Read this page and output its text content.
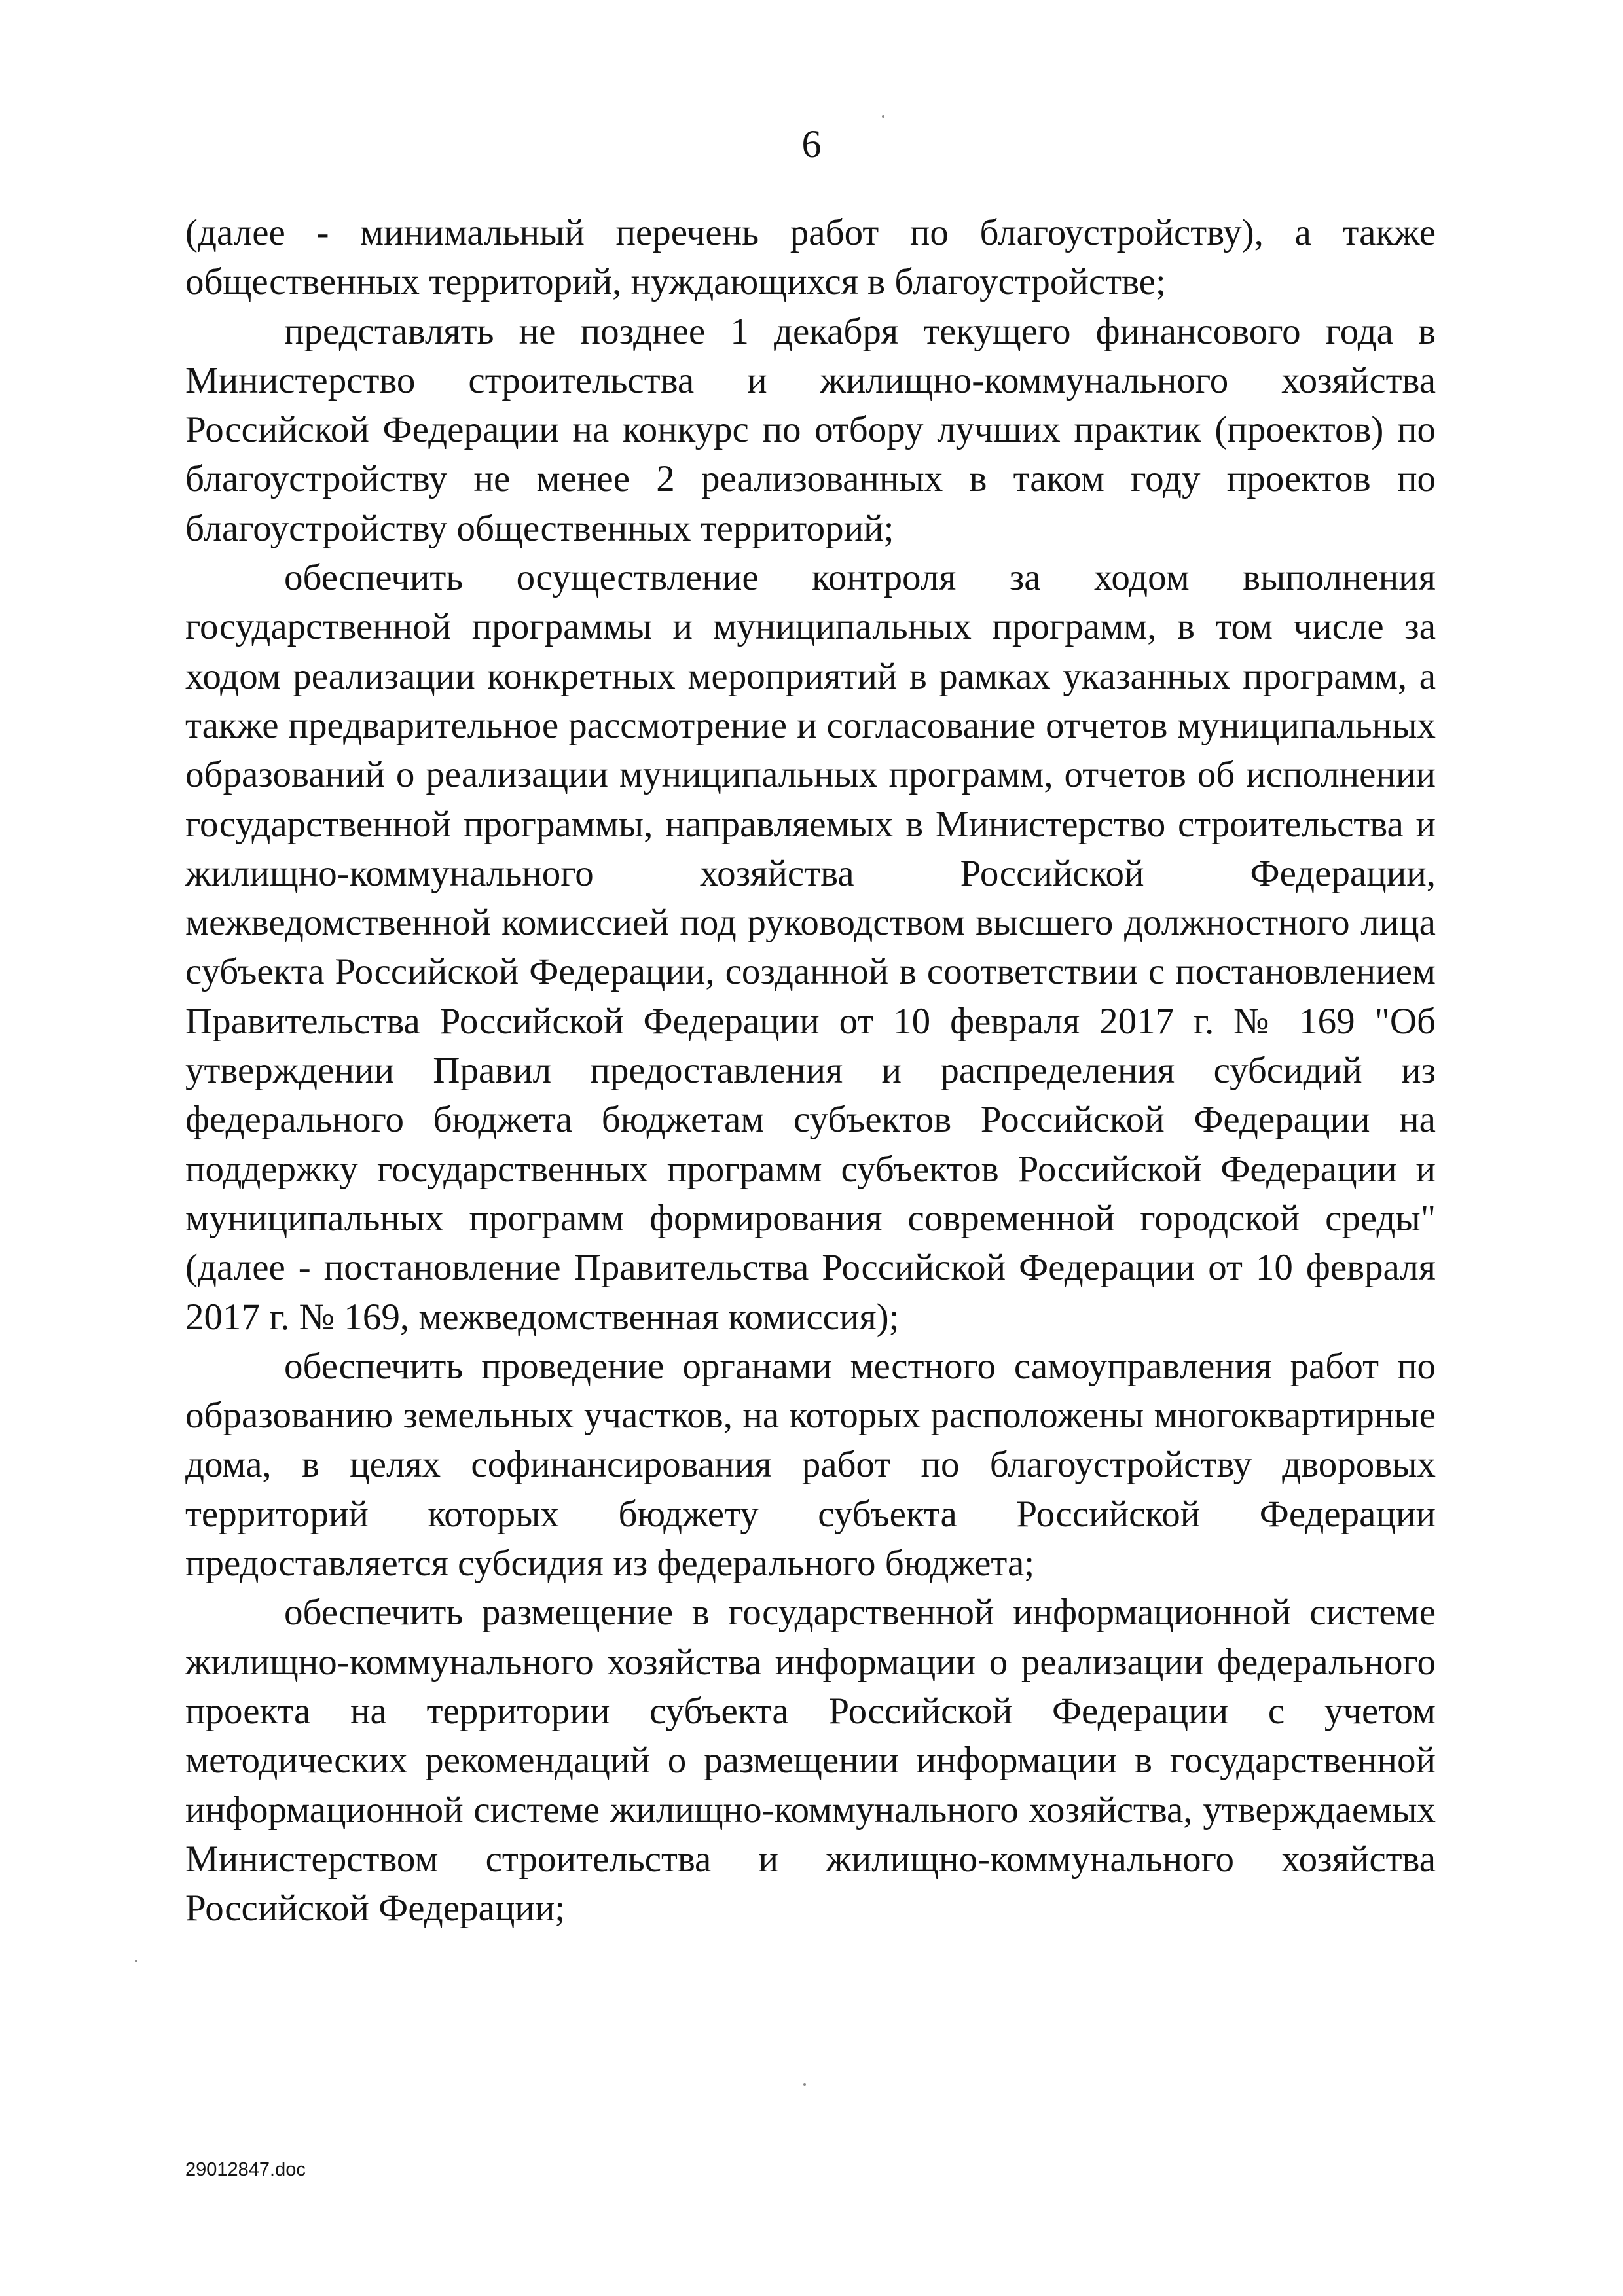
6

(далее - минимальный перечень работ по благоустройству), а также общественных территорий, нуждающихся в благоустройстве;

представлять не позднее 1 декабря текущего финансового года в Министерство строительства и жилищно-коммунального хозяйства Российской Федерации на конкурс по отбору лучших практик (проектов) по благоустройству не менее 2 реализованных в таком году проектов по благоустройству общественных территорий;

обеспечить осуществление контроля за ходом выполнения государственной программы и муниципальных программ, в том числе за ходом реализации конкретных мероприятий в рамках указанных программ, а также предварительное рассмотрение и согласование отчетов муниципальных образований о реализации муниципальных программ, отчетов об исполнении государственной программы, направляемых в Министерство строительства и жилищно-коммунального хозяйства Российской Федерации, межведомственной комиссией под руководством высшего должностного лица субъекта Российской Федерации, созданной в соответствии с постановлением Правительства Российской Федерации от 10 февраля 2017 г. № 169 "Об утверждении Правил предоставления и распределения субсидий из федерального бюджета бюджетам субъектов Российской Федерации на поддержку государственных программ субъектов Российской Федерации и муниципальных программ формирования современной городской среды" (далее - постановление Правительства Российской Федерации от 10 февраля 2017 г. № 169, межведомственная комиссия);

обеспечить проведение органами местного самоуправления работ по образованию земельных участков, на которых расположены многоквартирные дома, в целях софинансирования работ по благоустройству дворовых территорий которых бюджету субъекта Российской Федерации предоставляется субсидия из федерального бюджета;

обеспечить размещение в государственной информационной системе жилищно-коммунального хозяйства информации о реализации федерального проекта на территории субъекта Российской Федерации с учетом методических рекомендаций о размещении информации в государственной информационной системе жилищно-коммунального хозяйства, утверждаемых Министерством строительства и жилищно-коммунального хозяйства Российской Федерации;

29012847.doc
